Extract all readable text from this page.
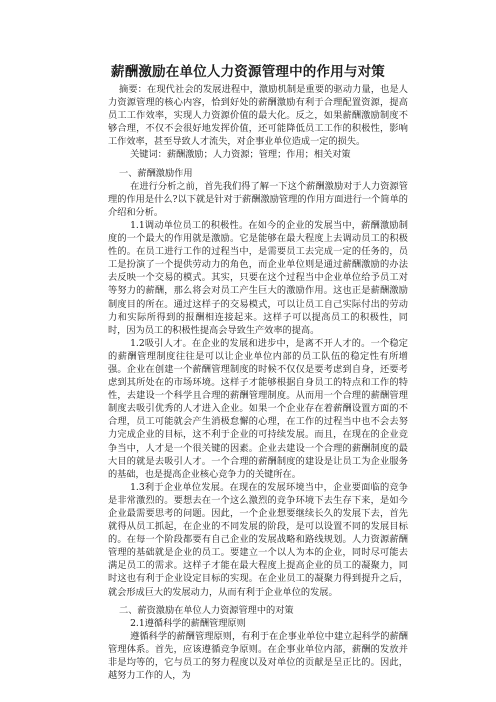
薪酬激励在单位人力资源管理中的作用与对策

摘要：在现代社会的发展进程中，激励机制是重要的驱动力量，也是人力资源管理的核心内容，恰到好处的薪酬激励有利于合理配置资源，提高员工工作效率，实现人力资源价值的最大化。反之，如果薪酬激励制度不够合理，不仅不会很好地发挥价值，还可能降低员工工作的积极性，影响工作效率，甚至导致人才流失，对企事业单位造成一定的损失。

关键词：薪酬激励；人力资源；管理；作用；相关对策

一、薪酬激励作用

在进行分析之前，首先我们得了解一下这个薪酬激励对于人力资源管理的作用是什么?以下就是针对于薪酬激励管理的作用方面进行一个简单的介绍和分析。

1.1调动单位员工的积极性。在如今的企业的发展当中，薪酬激励制度的一个最大的作用就是激励。它是能够在最大程度上去调动员工的积极性的。在员工进行工作的过程当中，是需要员工去完成一定的任务的，员工是扮演了一个提供劳动力的角色，而企业单位则是通过薪酬激励的办法去反映一个交易的模式。其实，只要在这个过程当中企业单位给予员工对等努力的薪酬，那么将会对员工产生巨大的激励作用。这也正是薪酬激励制度目的所在。通过这样子的交易模式，可以让员工自己实际付出的劳动力和实际所得到的报酬相连接起来。这样子可以提高员工的积极性，同时，因为员工的积极性提高会导致生产效率的提高。

1.2吸引人才。在企业的发展和进步中，是离不开人才的。一个稳定的薪酬管理制度往往是可以让企业单位内部的员工队伍的稳定性有所增强。企业在创建一个薪酬管理制度的时候不仅仅是要考虑到自身，还要考虑到其所处在的市场环境。这样子才能够根据自身员工的特点和工作的特性，去建设一个科学且合理的薪酬管理制度。从而用一个合理的薪酬管理制度去吸引优秀的人才进入企业。如果一个企业存在着薪酬设置方面的不合理，员工可能就会产生消极怠懈的心理，在工作的过程当中也不会去努力完成企业的目标，这不利于企业的可持续发展。而且，在现在的企业竞争当中，人才是一个很关键的因素。企业去建设一个合理的薪酬制度的最大目的就是去吸引人才。一个合理的薪酬制度的建设是让员工为企业服务的基础，也是提高企业核心竞争力的关键所在。

1.3利于企业单位发展。在现在的发展环境当中，企业要面临的竞争是非常激烈的。要想去在一个这么激烈的竞争环境下去生存下来，是如今企业最需要思考的问题。因此，一个企业想要继续长久的发展下去，首先就得从员工抓起，在企业的不同发展的阶段，是可以设置不同的发展目标的。在每一个阶段都要有自己企业的发展战略和路线规划。人力资源薪酬管理的基础就是企业的员工。要建立一个以人为本的企业，同时尽可能去满足员工的需求。这样子才能在最大程度上提高企业的员工的凝聚力，同时这也有利于企业设定目标的实现。在企业员工的凝聚力得到提升之后，就会形成巨大的发展动力，从而有利于企业单位的发展。

二、薪资激励在单位人力资源管理中的对策

2.1遵循科学的薪酬管理原则

遵循科学的薪酬管理原则，有利于在企事业单位中建立起科学的薪酬管理体系。首先，应该遵循竞争原则。在企事业单位内部，薪酬的发放并非是均等的，它与员工的努力程度以及对单位的贡献是呈正比的。因此，越努力工作的人，为
